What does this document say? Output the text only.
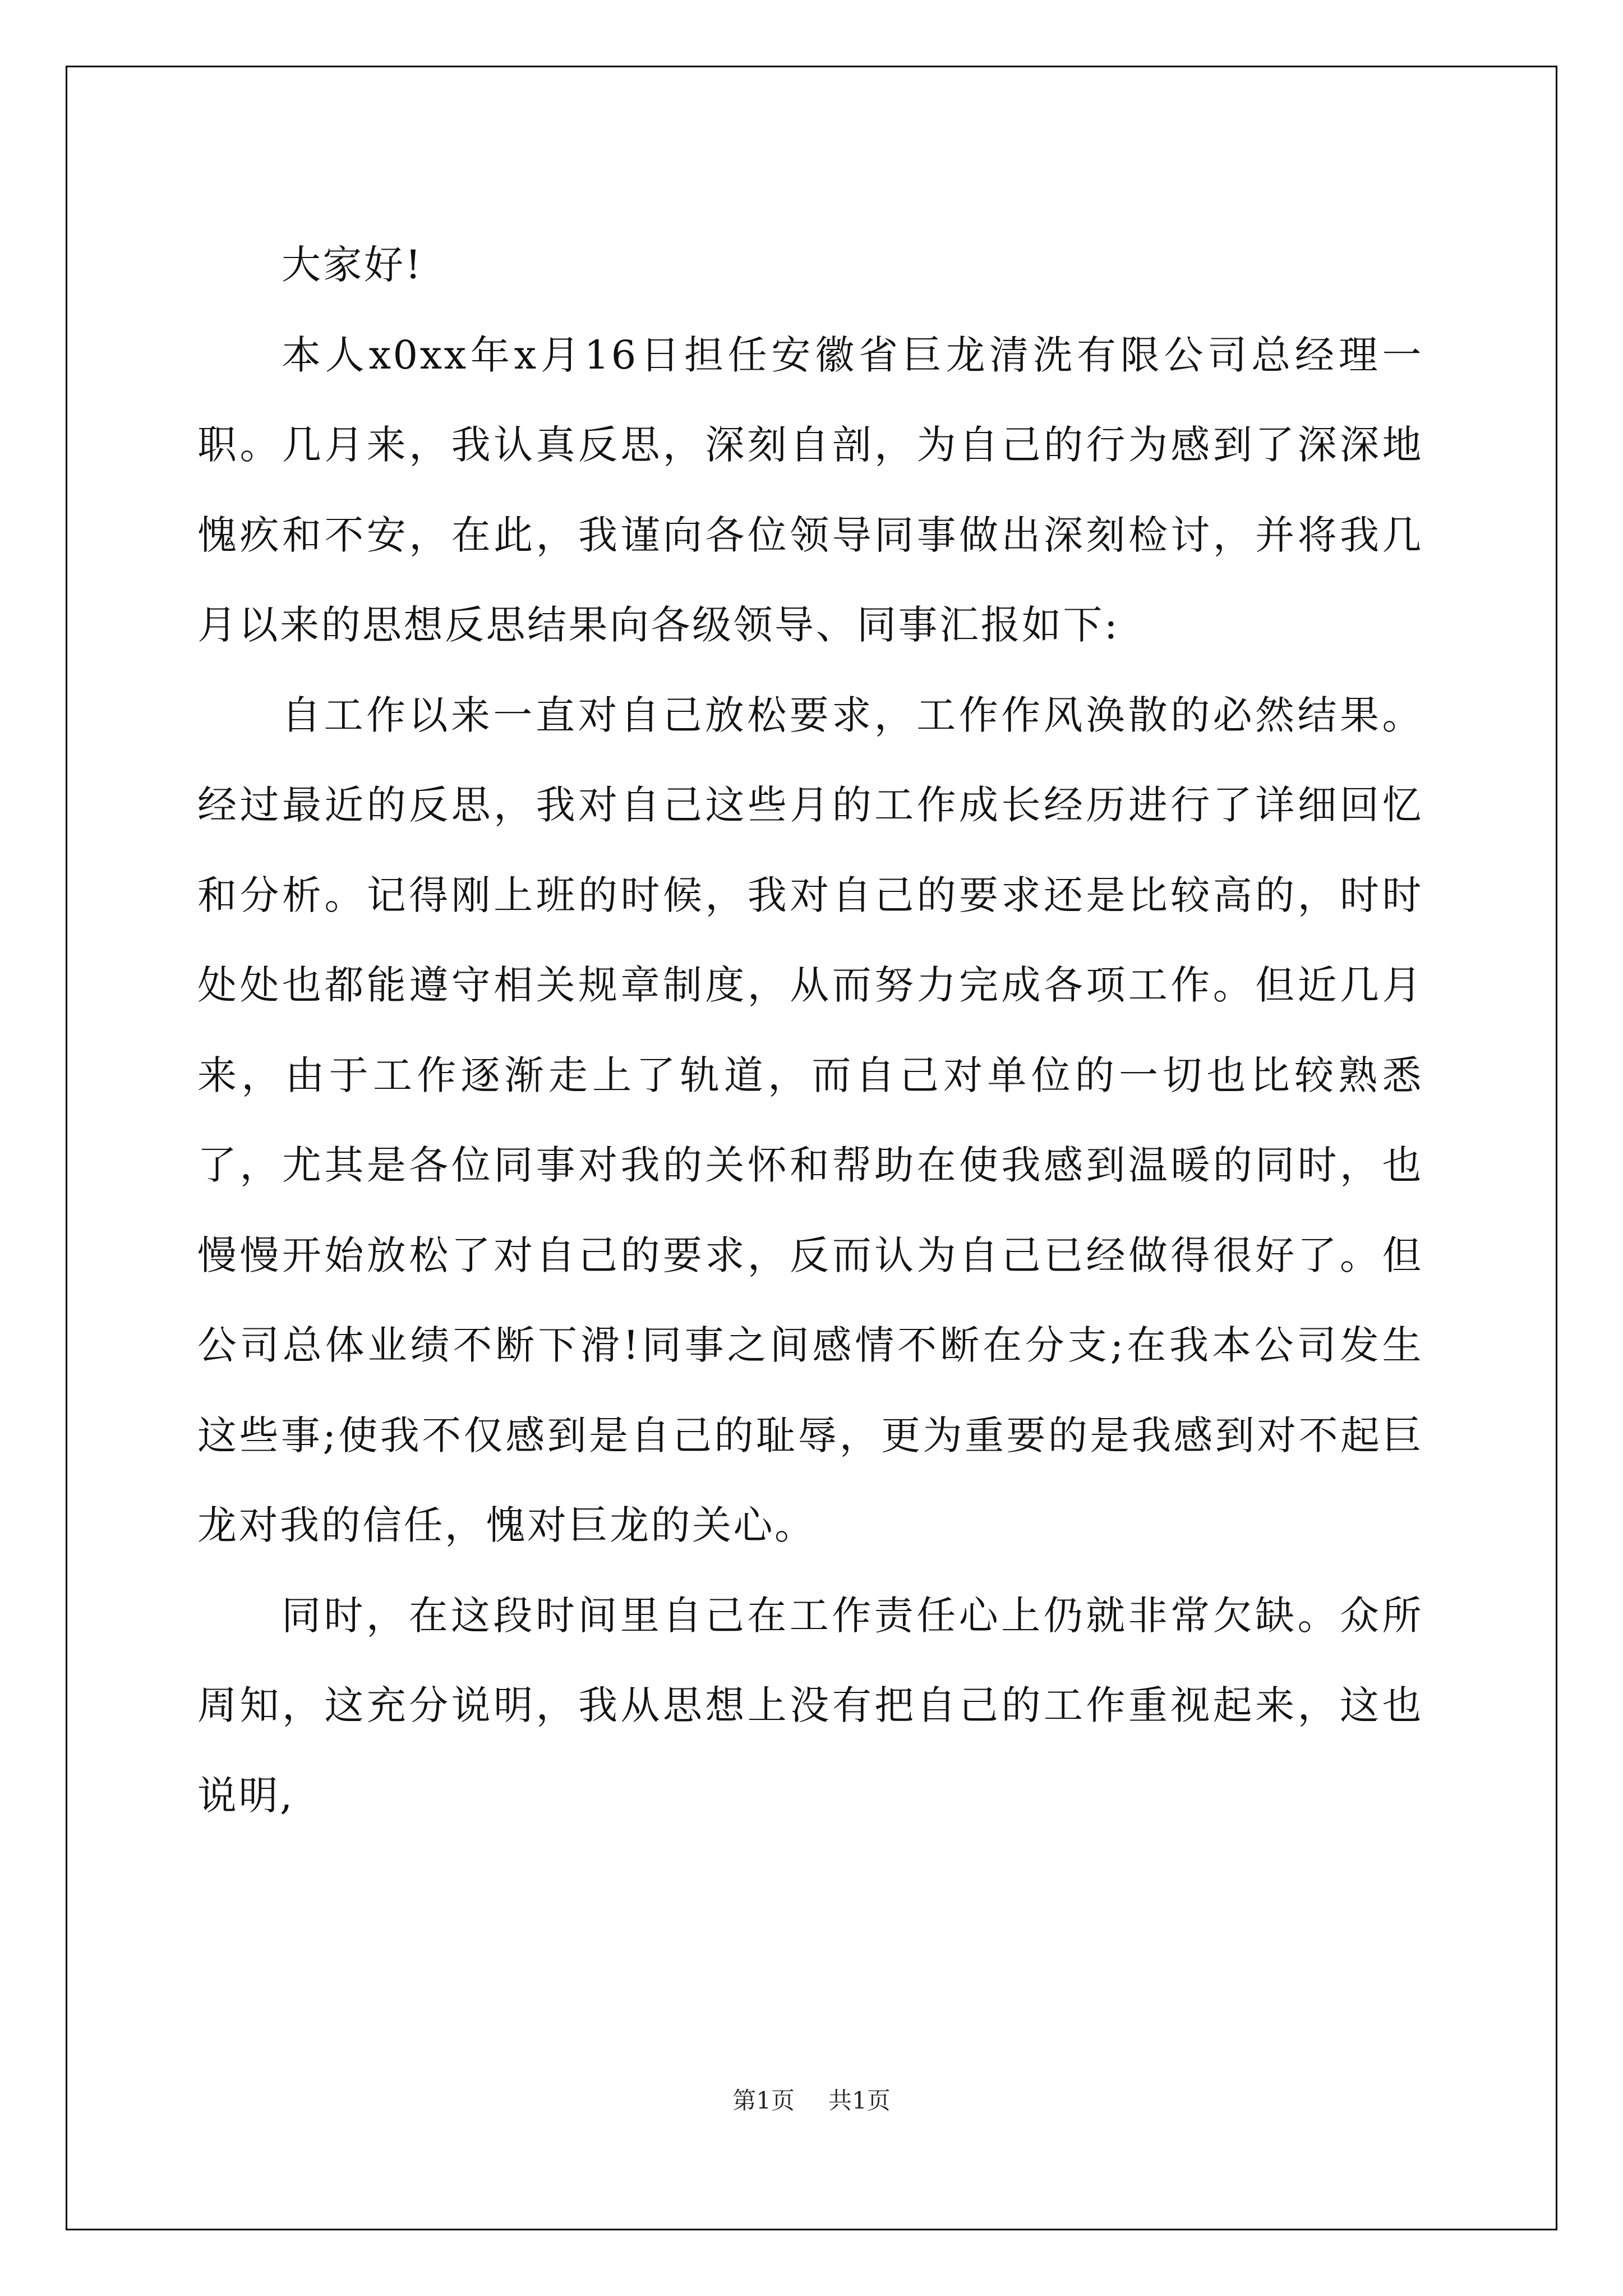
大家好!

本人x0xx年x月16日担任安徽省巨龙清洗有限公司总经理一职。几月来，我认真反思，深刻自剖，为自己的行为感到了深深地愧疚和不安，在此，我谨向各位领导同事做出深刻检讨，并将我几月以来的思想反思结果向各级领导、同事汇报如下:

自工作以来一直对自己放松要求，工作作风涣散的必然结果。经过最近的反思，我对自己这些月的工作成长经历进行了详细回忆和分析。记得刚上班的时候，我对自己的要求还是比较高的，时时处处也都能遵守相关规章制度，从而努力完成各项工作。但近几月来，由于工作逐渐走上了轨道，而自己对单位的一切也比较熟悉了，尤其是各位同事对我的关怀和帮助在使我感到温暖的同时，也慢慢开始放松了对自己的要求，反而认为自己已经做得很好了。但公司总体业绩不断下滑!同事之间感情不断在分支;在我本公司发生这些事;使我不仅感到是自己的耻辱，更为重要的是我感到对不起巨龙对我的信任，愧对巨龙的关心。

同时，在这段时间里自己在工作责任心上仍就非常欠缺。众所周知，这充分说明，我从思想上没有把自己的工作重视起来，这也说明,

第1页 共1页
